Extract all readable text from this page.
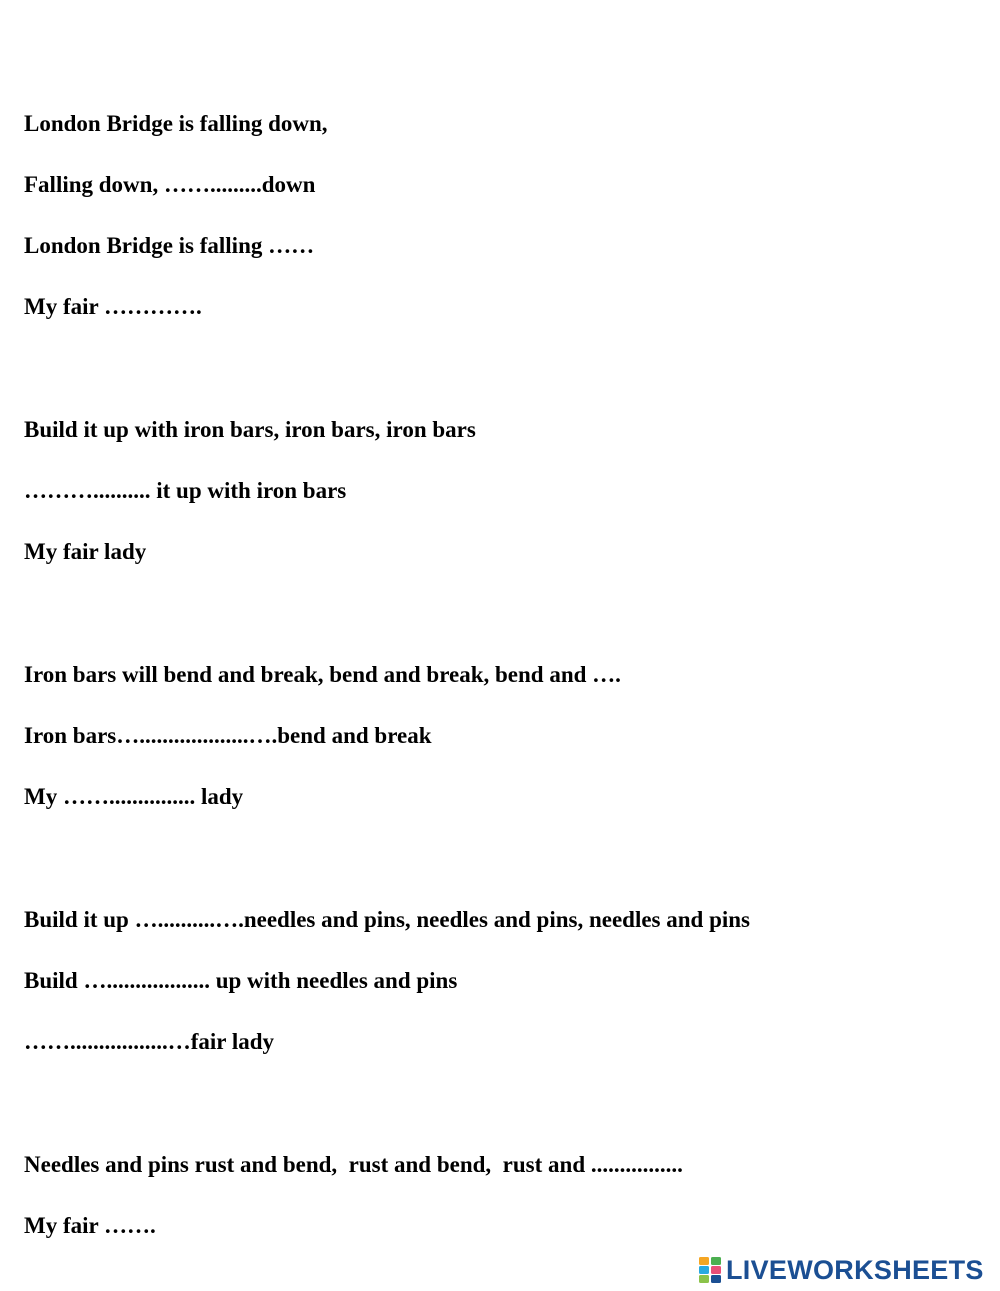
London Bridge is falling down,
Falling down, …….........down
London Bridge is falling ……
My fair ………….
Build it up with iron bars, iron bars, iron bars
……….......... it up with iron bars
My fair lady
Iron bars will bend and break, bend and break, bend and ….
Iron bars…...................….bend and break
My ……............... lady
Build it up …..........….needles and pins, needles and pins, needles and pins
Build ….................. up with needles and pins
…….................…fair lady
Needles and pins rust and bend,  rust and bend,  rust and ................
My fair …….
LIVEWORKSHEETS
